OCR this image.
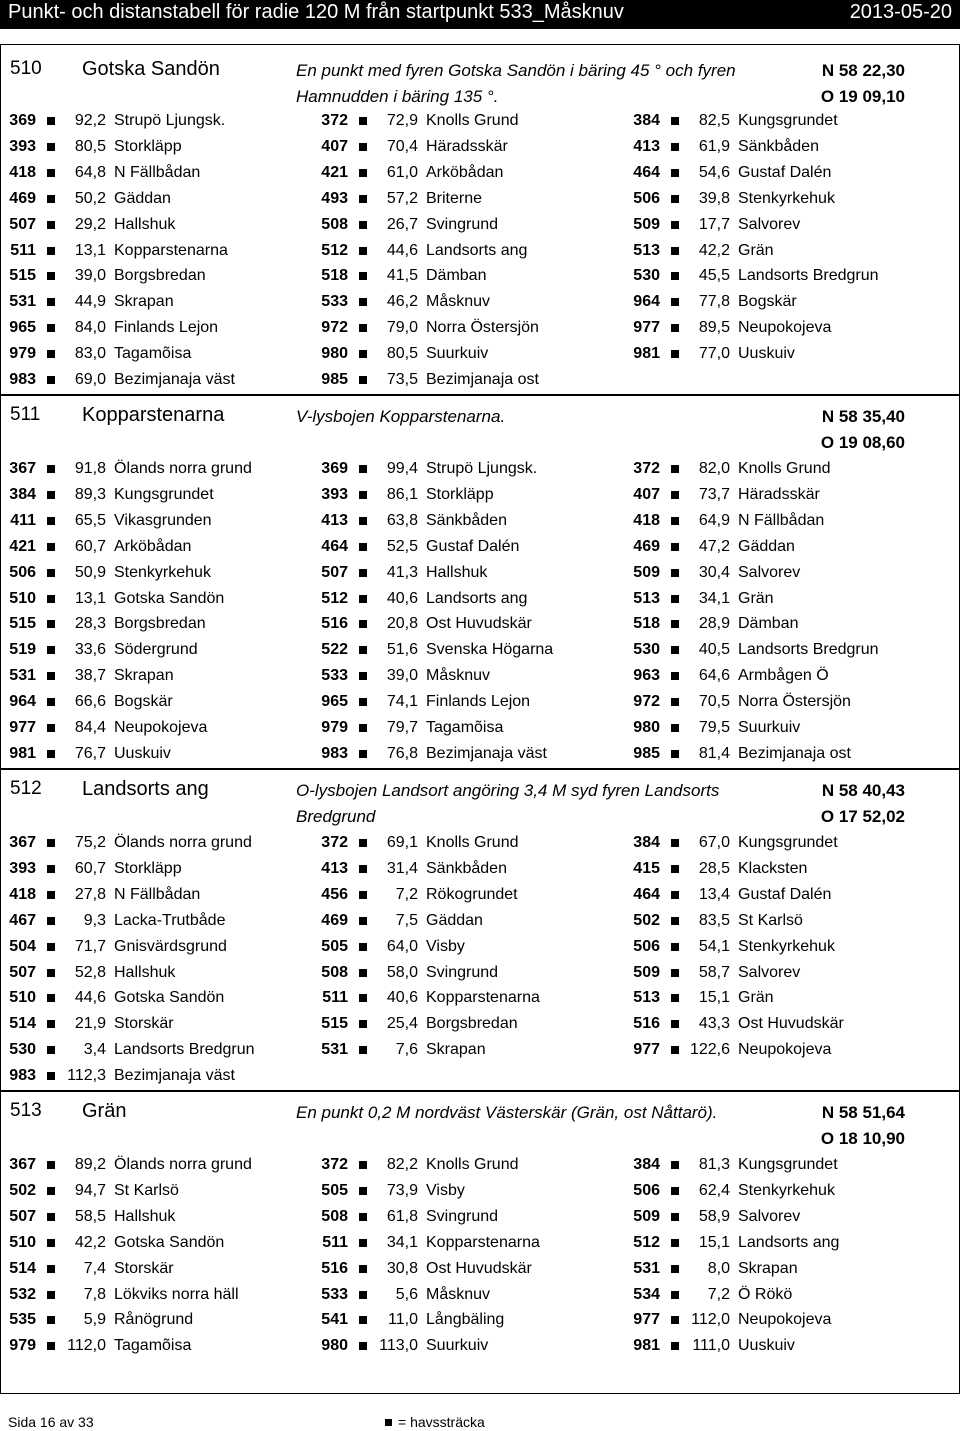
Punkt- och distanstabell för radie 120 M från startpunkt 533_Måsknuv	2013-05-20
510 Gotska Sandön	En punkt med fyren Gotska Sandön i bäring 45 ° och fyren Hamnudden i bäring 135 °.
N 58 22,30
O 19 09,10
369	92,2 Strupö Ljungsk.	372	72,9 Knolls Grund	384	82,5 Kungsgrundet
393	80,5 Storkläpp	407	70,4 Häradsskär	413	61,9 Sänkbåden
418	64,8 N Fällbådan	421	61,0 Arköbådan	464	54,6 Gustaf Dalén
469	50,2 Gäddan	493	57,2 Briterne	506	39,8 Stenkyrkehuk
507	29,2 Hallshuk	508	26,7 Svingrund	509	17,7 Salvorev
511	13,1 Kopparstenarna	512	44,6 Landsorts ang	513	42,2 Grän
515	39,0 Borgsbredan	518	41,5 Dämban	530	45,5 Landsorts Bredgrun
531	44,9 Skrapan	533	46,2 Måsknuv	964	77,8 Bogskär
965	84,0 Finlands Lejon	972	79,0 Norra Östersjön	977	89,5 Neupokojeva
979	83,0 Tagamõisa	980	80,5 Suurkuiv	981	77,0 Uuskuiv
983	69,0 Bezimjanaja väst	985	73,5 Bezimjanaja ost
511 Kopparstenarna	V-lysbojen Kopparstenarna.	N 58 35,40
O 19 08,60
367	91,8 Ölands norra grund	369	99,4 Strupö Ljungsk.	372	82,0 Knolls Grund
384	89,3 Kungsgrundet	393	86,1 Storkläpp	407	73,7 Häradsskär
411	65,5 Vikasgrunden	413	63,8 Sänkbåden	418	64,9 N Fällbådan
421	60,7 Arköbådan	464	52,5 Gustaf Dalén	469	47,2 Gäddan
506	50,9 Stenkyrkehuk	507	41,3 Hallshuk	509	30,4 Salvorev
510	13,1 Gotska Sandön	512	40,6 Landsorts ang	513	34,1 Grän
515	28,3 Borgsbredan	516	20,8 Ost Huvudskär	518	28,9 Dämban
519	33,6 Södergrund	522	51,6 Svenska Högarna	530	40,5 Landsorts Bredgrun
531	38,7 Skrapan	533	39,0 Måsknuv	963	64,6 Armbågen Ö
964	66,6 Bogskär	965	74,1 Finlands Lejon	972	70,5 Norra Östersjön
977	84,4 Neupokojeva	979	79,7 Tagamõisa	980	79,5 Suurkuiv
981	76,7 Uuskuiv	983	76,8 Bezimjanaja väst	985	81,4 Bezimjanaja ost
512 Landsorts ang	O-lysbojen Landsort angöring 3,4 M syd fyren Landsorts Bredgrund
N 58 40,43
O 17 52,02
367	75,2 Ölands norra grund	372	69,1 Knolls Grund	384	67,0 Kungsgrundet
393	60,7 Storkläpp	413	31,4 Sänkbåden	415	28,5 Klacksten
418	27,8 N Fällbådan	456	7,2 Rökogrundet	464	13,4 Gustaf Dalén
467	9,3 Lacka-Trutbåde	469	7,5 Gäddan	502	83,5 St Karlsö
504	71,7 Gnisvärdsgrund	505	64,0 Visby	506	54,1 Stenkyrkehuk
507	52,8 Hallshuk	508	58,0 Svingrund	509	58,7 Salvorev
510	44,6 Gotska Sandön	511	40,6 Kopparstenarna	513	15,1 Grän
514	21,9 Storskär	515	25,4 Borgsbredan	516	43,3 Ost Huvudskär
530	3,4 Landsorts Bredgrun	531	7,6 Skrapan	977	122,6 Neupokojeva
983	112,3 Bezimjanaja väst
513 Grän	En punkt 0,2 M nordväst Västerskär (Grän, ost Nåttarö).	N 58 51,64
O 18 10,90
367	89,2 Ölands norra grund	372	82,2 Knolls Grund	384	81,3 Kungsgrundet
502	94,7 St Karlsö	505	73,9 Visby	506	62,4 Stenkyrkehuk
507	58,5 Hallshuk	508	61,8 Svingrund	509	58,9 Salvorev
510	42,2 Gotska Sandön	511	34,1 Kopparstenarna	512	15,1 Landsorts ang
514	7,4 Storskär	516	30,8 Ost Huvudskär	531	8,0 Skrapan
532	7,8 Lökviks norra häll	533	5,6 Måsknuv	534	7,2 Ö Rökö
535	5,9 Rånögrund	541	11,0 Långbäling	977	112,0 Neupokojeva
979	112,0 Tagamõisa	980	113,0 Suurkuiv	981	111,0 Uuskuiv
Sida 16 av 33	= havssträcka
